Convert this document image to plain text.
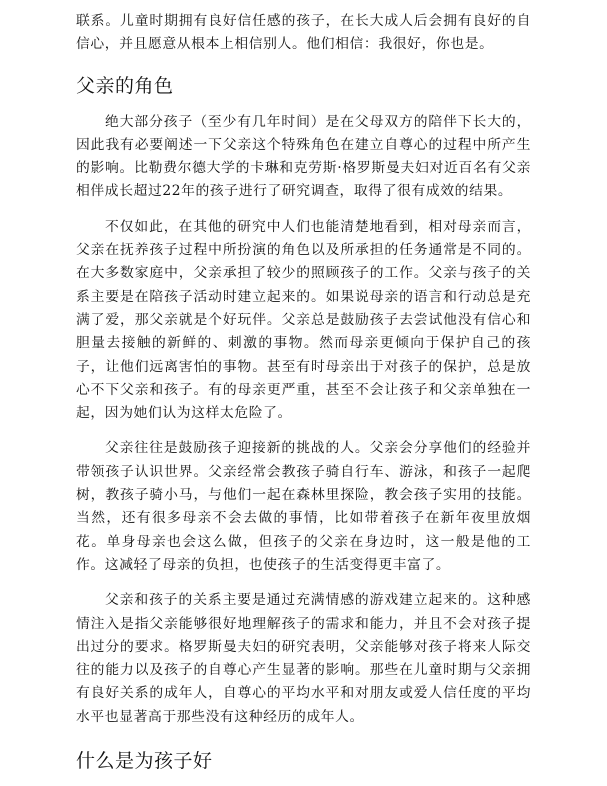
联系。儿童时期拥有良好信任感的孩子，在长大成人后会拥有良好的自信心，并且愿意从根本上相信别人。他们相信：我很好，你也是。

父亲的角色

绝大部分孩子（至少有几年时间）是在父母双方的陪伴下长大的，因此我有必要阐述一下父亲这个特殊角色在建立自尊心的过程中所产生的影响。比勒费尔德大学的卡琳和克劳斯·格罗斯曼夫妇对近百名有父亲相伴成长超过22年的孩子进行了研究调查，取得了很有成效的结果。

不仅如此，在其他的研究中人们也能清楚地看到，相对母亲而言，父亲在抚养孩子过程中所扮演的角色以及所承担的任务通常是不同的。在大多数家庭中，父亲承担了较少的照顾孩子的工作。父亲与孩子的关系主要是在陪孩子活动时建立起来的。如果说母亲的语言和行动总是充满了爱，那父亲就是个好玩伴。父亲总是鼓励孩子去尝试他没有信心和胆量去接触的新鲜的、刺激的事物。然而母亲更倾向于保护自己的孩子，让他们远离害怕的事物。甚至有时母亲出于对孩子的保护，总是放心不下父亲和孩子。有的母亲更严重，甚至不会让孩子和父亲单独在一起，因为她们认为这样太危险了。

父亲往往是鼓励孩子迎接新的挑战的人。父亲会分享他们的经验并带领孩子认识世界。父亲经常会教孩子骑自行车、游泳，和孩子一起爬树，教孩子骑小马，与他们一起在森林里探险，教会孩子实用的技能。当然，还有很多母亲不会去做的事情，比如带着孩子在新年夜里放烟花。单身母亲也会这么做，但孩子的父亲在身边时，这一般是他的工作。这减轻了母亲的负担，也使孩子的生活变得更丰富了。

父亲和孩子的关系主要是通过充满情感的游戏建立起来的。这种感情注入是指父亲能够很好地理解孩子的需求和能力，并且不会对孩子提出过分的要求。格罗斯曼夫妇的研究表明，父亲能够对孩子将来人际交往的能力以及孩子的自尊心产生显著的影响。那些在儿童时期与父亲拥有良好关系的成年人，自尊心的平均水平和对朋友或爱人信任度的平均水平也显著高于那些没有这种经历的成年人。

什么是为孩子好
